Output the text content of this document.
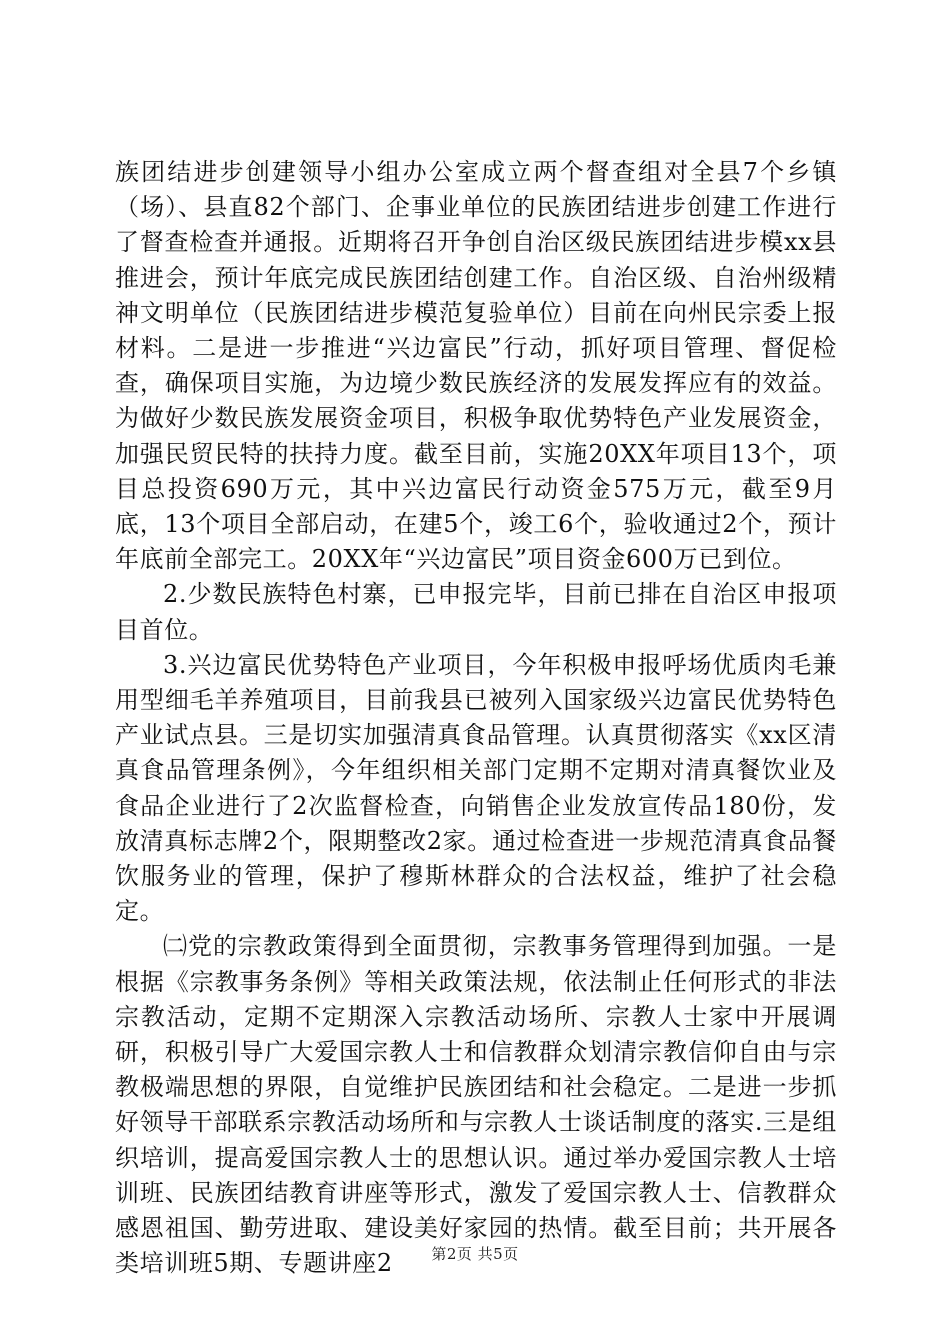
族团结进步创建领导小组办公室成立两个督查组对全县7个乡镇（场）、县直82个部门、企事业单位的民族团结进步创建工作进行了督查检查并通报。近期将召开争创自治区级民族团结进步模xx县推进会，预计年底完成民族团结创建工作。自治区级、自治州级精神文明单位（民族团结进步模范复验单位）目前在向州民宗委上报材料。二是进一步推进“兴边富民”行动，抓好项目管理、督促检查，确保项目实施，为边境少数民族经济的发展发挥应有的效益。为做好少数民族发展资金项目，积极争取优势特色产业发展资金，加强民贸民特的扶持力度。截至目前，实施20XX年项目13个，项目总投资690万元，其中兴边富民行动资金575万元，截至9月底，13个项目全部启动，在建5个，竣工6个，验收通过2个，预计年底前全部完工。20XX年“兴边富民”项目资金600万已到位。

2.少数民族特色村寨，已申报完毕，目前已排在自治区申报项目首位。

3.兴边富民优势特色产业项目，今年积极申报呼场优质肉毛兼用型细毛羊养殖项目，目前我县已被列入国家级兴边富民优势特色产业试点县。三是切实加强清真食品管理。认真贯彻落实《xx区清真食品管理条例》，今年组织相关部门定期不定期对清真餐饮业及食品企业进行了2次监督检查，向销售企业发放宣传品180份，发放清真标志牌2个，限期整改2家。通过检查进一步规范清真食品餐饮服务业的管理，保护了穆斯林群众的合法权益，维护了社会稳定。

㈡党的宗教政策得到全面贯彻，宗教事务管理得到加强。一是根据《宗教事务条例》等相关政策法规，依法制止任何形式的非法宗教活动，定期不定期深入宗教活动场所、宗教人士家中开展调研，积极引导广大爱国宗教人士和信教群众划清宗教信仰自由与宗教极端思想的界限，自觉维护民族团结和社会稳定。二是进一步抓好领导干部联系宗教活动场所和与宗教人士谈话制度的落实.三是组织培训，提高爱国宗教人士的思想认识。通过举办爱国宗教人士培训班、民族团结教育讲座等形式，激发了爱国宗教人士、信教群众感恩祖国、勤劳进取、建设美好家园的热情。截至目前；共开展各类培训班5期、专题讲座2	第2页 共5页
